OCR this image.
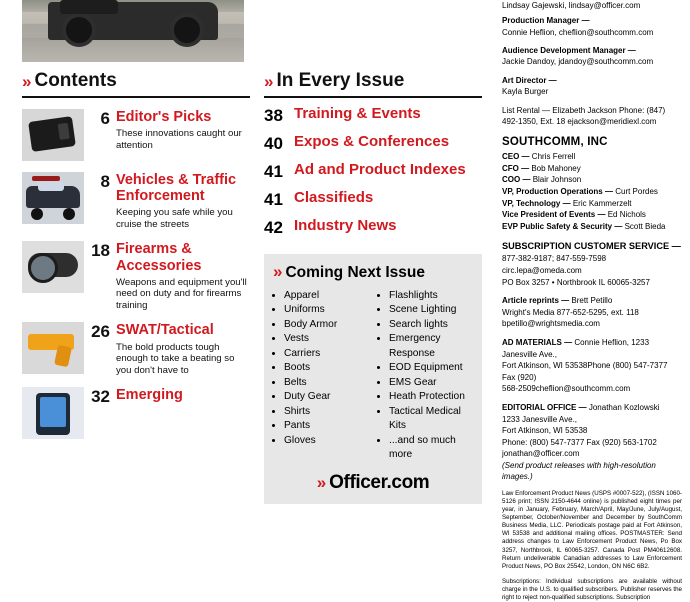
» Contents
6 Editor's Picks
These innovations caught our attention
8 Vehicles & Traffic Enforcement
Keeping you safe while you cruise the streets
18 Firearms & Accessories
Weapons and equipment you'll need on duty and for firearms training
26 SWAT/Tactical
The bold products tough enough to take a beating so you don't have to
32 Emerging
» In Every Issue
38 Training & Events
40 Expos & Conferences
41 Ad and Product Indexes
41 Classifieds
42 Industry News
» Coming Next Issue
• Apparel
• Uniforms
• Body Armor
• Vests
• Carriers
• Boots
• Belts
• Duty Gear
• Shirts
• Pants
• Gloves
• Flashlights
• Scene Lighting
• Search lights
• Emergency Response
• EOD Equipment
• EMS Gear
• Heath Protection
• Tactical Medical Kits
• ...and so much more
» Officer.com
Lindsay Gajewski, lindsay@officer.com
Production Manager —
Connie Heflion, cheflion@southcomm.com
Audience Development Manager —
Jackie Dandoy, jdandoy@southcomm.com
Art Director —
Kayla Burger
List Rental — Elizabeth Jackson Phone: (847) 492-1350, Ext. 18 ejackson@meridiexl.com
SOUTHCOMM, INC
CEO — Chris Ferrell
CFO — Bob Mahoney
COO — Blair Johnson
VP, Production Operations — Curt Pordes
VP, Technology — Eric Kammerzelt
Vice President of Events — Ed Nichols
EVP Public Safety & Security — Scott Bieda
SUBSCRIPTION CUSTOMER SERVICE —
877-382-9187; 847-559-7598
circ.lepa@omeda.com
PO Box 3257 • Northbrook IL 60065-3257
Article reprints — Brett Petillo
Wright's Media 877-652-5295, ext. 118
bpetillo@wrightsmedia.com
AD MATERIALS — Connie Heflion, 1233 Janesville Ave.,
Fort Atkinson, WI 53538Phone (800) 547-7377 Fax (920)
568-2509cheflion@southcomm.com
EDITORIAL OFFICE — Jonathan Kozlowski
1233 Janesville Ave.,
Fort Atkinson, WI 53538
Phone: (800) 547-7377 Fax (920) 563-1702
jonathan@officer.com
(Send product releases with high-resolution images.)
Law Enforcement Product News (USPS #0007-522), (ISSN 1060-5126 print; ISSN 2150-4644 online) is published eight times per year, in January, February, March/April, May/June, July/August, September, October/November and December by SouthComm Business Media, LLC. Periodicals postage paid at Fort Atkinson, WI 53538 and additional mailing offices. POSTMASTER: Send address changes to Law Enforcement Product News, Po Box 3257, Northbrook, IL 60065-3257. Canada Post PM40612608. Return undeliverable Canadian addresses to Law Enforcement Product News, PO Box 25542, London, ON N6C 6B2.
Subscriptions: Individual subscriptions are available without charge in the U.S. to qualified subscribers. Publisher reserves the right to reject non-qualified subscriptions. Subscription
